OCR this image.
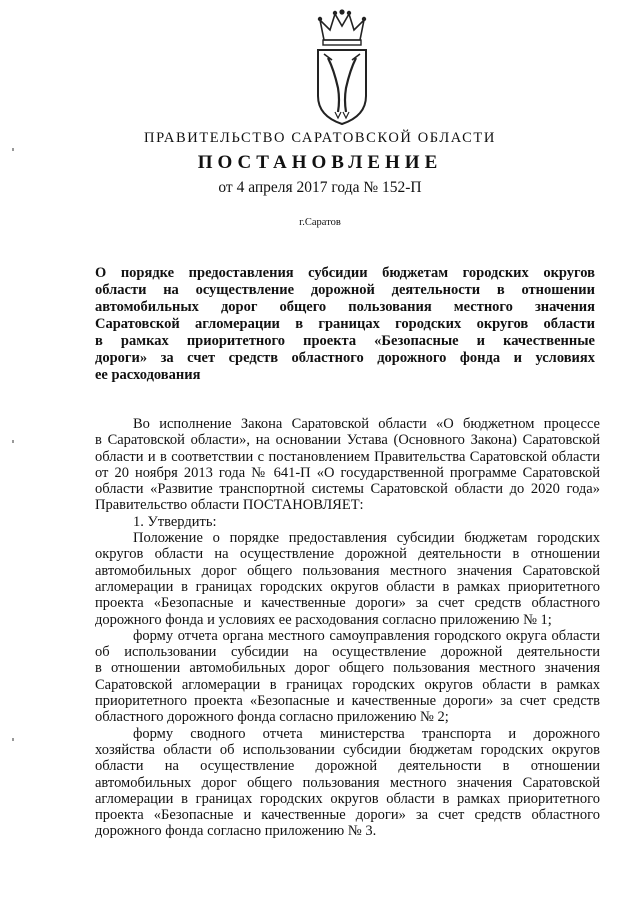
ПРАВИТЕЛЬСТВО САРАТОВСКОЙ ОБЛАСТИ
ПОСТАНОВЛЕНИЕ
от 4 апреля 2017 года № 152-П
г.Саратов
О порядке предоставления субсидии бюджетам городских округов
области на осуществление дорожной деятельности в отношении
автомобильных дорог общего пользования местного значения
Саратовской агломерации в границах городских округов области
в рамках приоритетного проекта «Безопасные и качественные
дороги» за счет средств областного дорожного фонда и условиях
ее расходования
Во исполнение Закона Саратовской области «О бюджетном процессе
в Саратовской области», на основании Устава (Основного Закона) Саратовской
области и в соответствии с постановлением Правительства Саратовской области
от 20 ноября 2013 года № 641-П «О государственной программе Саратовской
области «Развитие транспортной системы Саратовской области до 2020 года»
Правительство области ПОСТАНОВЛЯЕТ:
1. Утвердить:
Положение о порядке предоставления субсидии бюджетам городских
округов области на осуществление дорожной деятельности в отношении
автомобильных дорог общего пользования местного значения Саратовской
агломерации в границах городских округов области в рамках приоритетного
проекта «Безопасные и качественные дороги» за счет средств областного
дорожного фонда и условиях ее расходования согласно приложению № 1;
форму отчета органа местного самоуправления городского округа области
об использовании субсидии на осуществление дорожной деятельности
в отношении автомобильных дорог общего пользования местного значения
Саратовской агломерации в границах городских округов области в рамках
приоритетного проекта «Безопасные и качественные дороги» за счет средств
областного дорожного фонда согласно приложению № 2;
форму сводного отчета министерства транспорта и дорожного
хозяйства области об использовании субсидии бюджетам городских округов
области на осуществление дорожной деятельности в отношении
автомобильных дорог общего пользования местного значения Саратовской
агломерации в границах городских округов области в рамках приоритетного
проекта «Безопасные и качественные дороги» за счет средств областного
дорожного фонда согласно приложению № 3.
